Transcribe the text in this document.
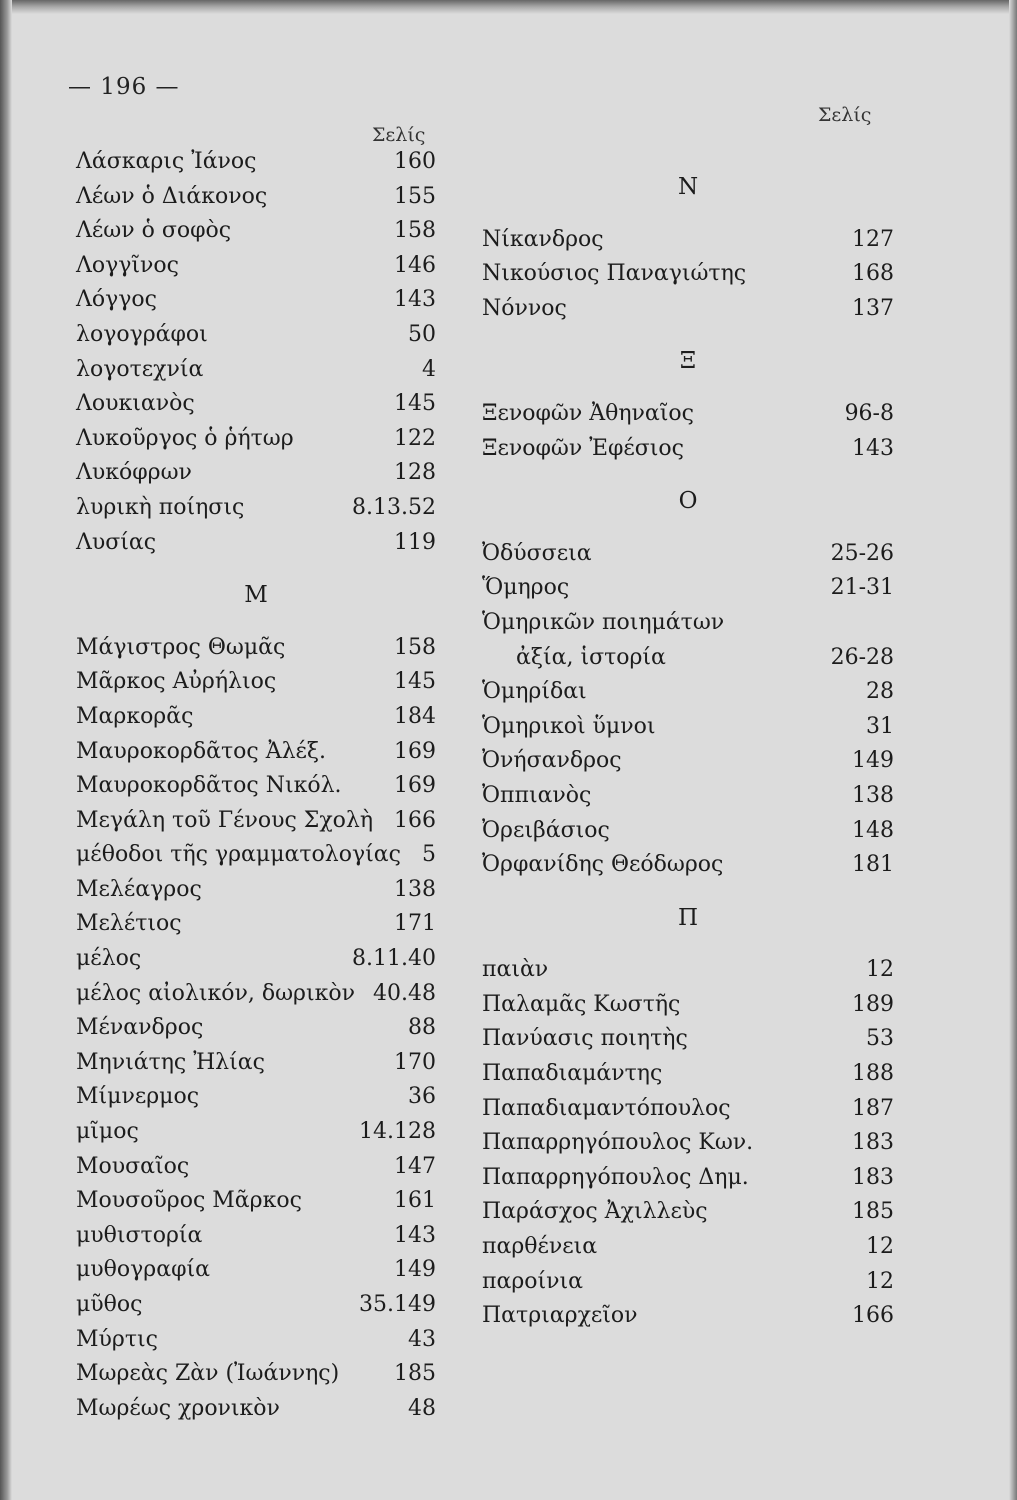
— 196 —
Σελίς
Σελίς
Λάσκαρις Ἰάνος	160
Λέων ὁ Διάκονος	155
Λέων ὁ σοφὸς	158
Λογγῖνος	146
Λόγγος	143
λογογράφοι	50
λογοτεχνία	4
Λουκιανὸς	145
Λυκοῦργος ὁ ῥήτωρ	122
Λυκόφρων	128
λυρικὴ ποίησις	8.13.52
Λυσίας	119
Μ
Μάγιστρος Θωμᾶς	158
Μᾶρκος Αὐρήλιος	145
Μαρκορᾶς	184
Μαυροκορδᾶτος Ἀλέξ.	169
Μαυροκορδᾶτος Νικόλ.	169
Μεγάλη τοῦ Γένους Σχολὴ 166
μέθοδοι τῆς γραμματολογίας 5
Μελέαγρος	138
Μελέτιος	171
μέλος	8.11.40
μέλος αἰολικόν, δωρικὸν 40.48
Μένανδρος	88
Μηνιάτης Ἠλίας	170
Μίμνερμος	36
μῖμος	14.128
Μουσαῖος	147
Μουσοῦρος Μᾶρκος	161
μυθιστορία	143
μυθογραφία	149
μῦθος	35.149
Μύρτις	43
Μωρεὰς Ζὰν (Ἰωάννης)	185
Μωρέως χρονικὸν	48
Ν
Νίκανδρος	127
Νικούσιος Παναγιώτης	168
Νόννος	137
Ξ
Ξενοφῶν Ἀθηναῖος	96-8
Ξενοφῶν Ἐφέσιος	143
Ο
Ὀδύσσεια	25-26
Ὅμηρος	21-31
Ὁμηρικῶν ποιημάτων
ἀξία, ἱστορία	26-28
Ὁμηρίδαι	28
Ὁμηρικοὶ ὕμνοι	31
Ὀνήσανδρος	149
Ὀππιανὸς	138
Ὀρειβάσιος	148
Ὀρφανίδης Θεόδωρος	181
Π
παιὰν	12
Παλαμᾶς Κωστῆς	189
Πανύασις ποιητὴς	53
Παπαδιαμάντης	188
Παπαδιαμαντόπουλος	187
Παπαρρηγόπουλος Κων.	183
Παπαρρηγόπουλος Δημ.	183
Παράσχος Ἀχιλλεὺς	185
παρθένεια	12
παροίνια	12
Πατριαρχεῖον	166
